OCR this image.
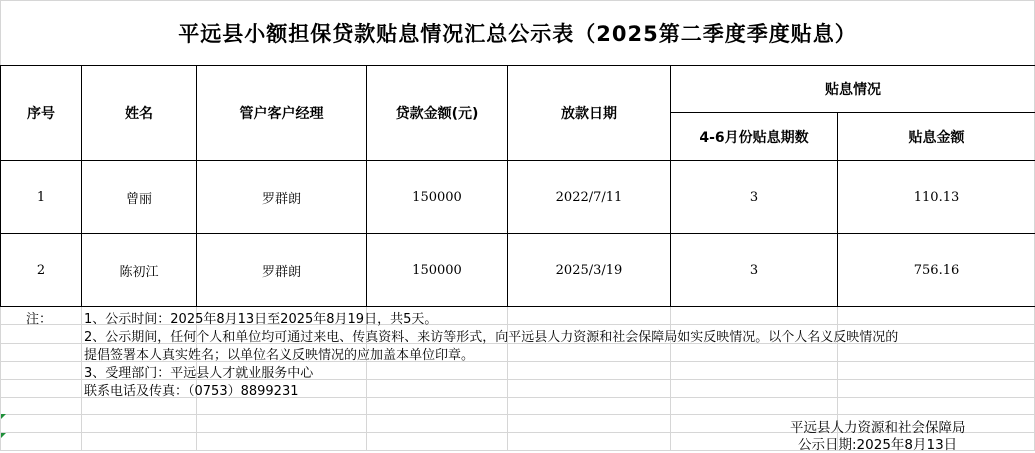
平远县小额担保贷款贴息情况汇总公示表（2025第二季度季度贴息）
序号	姓名	管户客户经理	贷款金额(元)	放款日期	贴息情况	
					4-6月份贴息期数	贴息金额
1	曾丽	罗群朗	150000	2022/7/11	3	110.13
2	陈初江	罗群朗	150000	2025/3/19	3	756.16
注： 1、公示时间：2025年8月13日至2025年8月19日，共5天。
2、公示期间，任何个人和单位均可通过来电、传真资料、来访等形式，向平远县人力资源和社会保障局如实反映情况。以个人名义反映情况的
提倡签署本人真实姓名；以单位名义反映情况的应加盖本单位印章。
3、受理部门：平远县人才就业服务中心
联系电话及传真：（0753）8899231
平远县人力资源和社会保障局
公示日期:2025年8月13日
